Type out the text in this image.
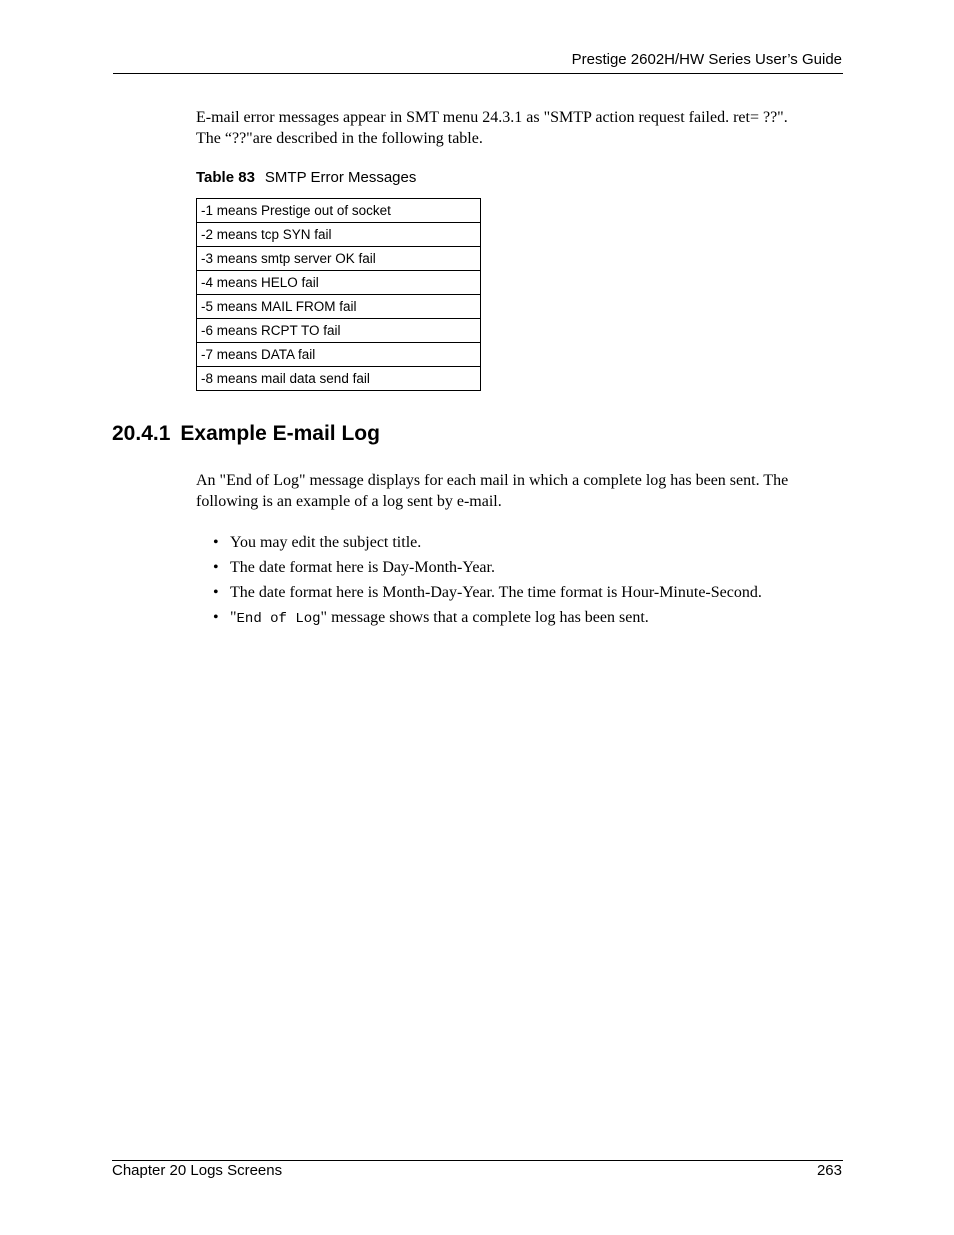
Prestige 2602H/HW Series User’s Guide
E-mail error messages appear in SMT menu 24.3.1 as "SMTP action request failed. ret= ??".
The “??"are described in the following table.
Table 83 SMTP Error Messages
-1 means Prestige out of socket
-2 means tcp SYN fail
-3 means smtp server OK fail
-4 means HELO fail
-5 means MAIL FROM fail
-6 means RCPT TO fail
-7 means DATA fail
-8 means mail data send fail
20.4.1 Example E-mail Log
An "End of Log" message displays for each mail in which a complete log has been sent. The
following is an example of a log sent by e-mail.
• You may edit the subject title.
• The date format here is Day-Month-Year.
• The date format here is Month-Day-Year. The time format is Hour-Minute-Second.
• "End of Log" message shows that a complete log has been sent.
Chapter 20 Logs Screens	263
